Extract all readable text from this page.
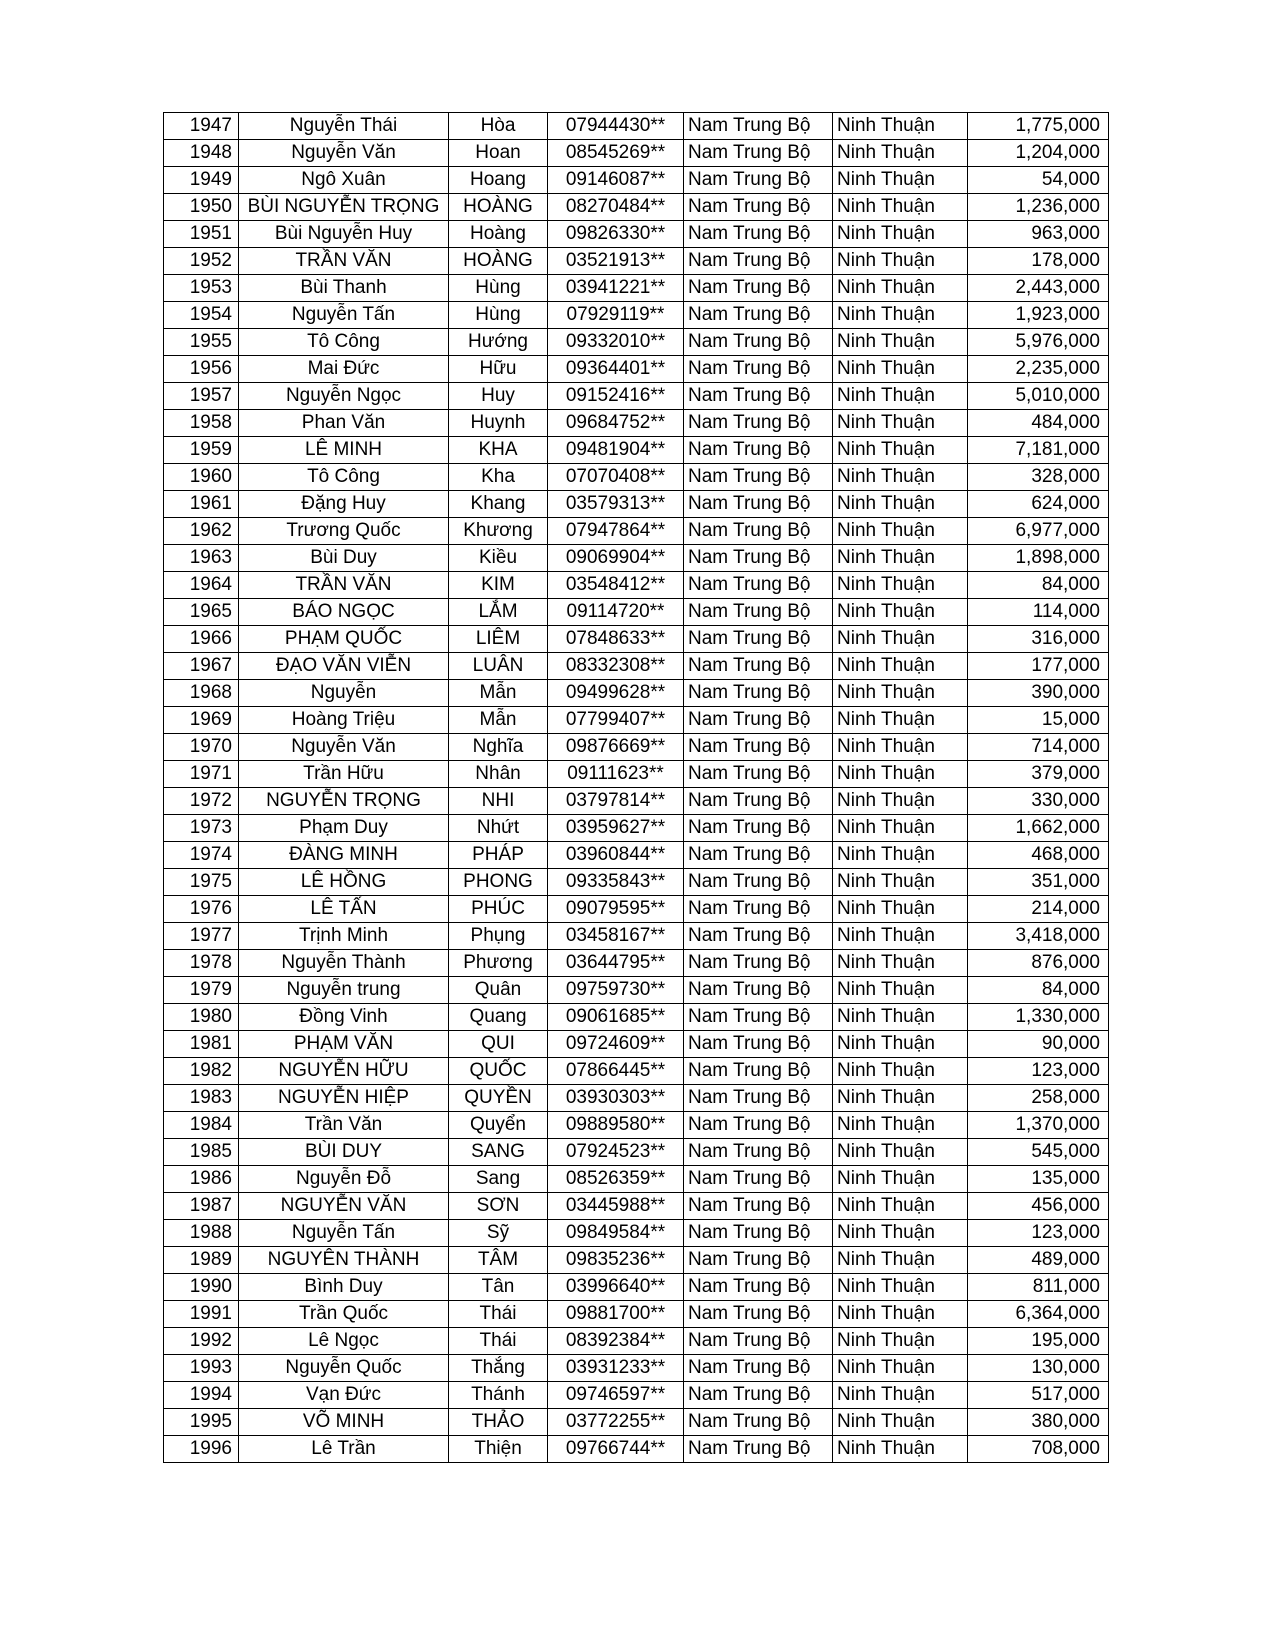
1947	Nguyễn Thái	Hòa	07944430**	Nam Trung Bộ	Ninh Thuận	1,775,000
1948	Nguyễn Văn	Hoan	08545269**	Nam Trung Bộ	Ninh Thuận	1,204,000
1949	Ngô Xuân	Hoang	09146087**	Nam Trung Bộ	Ninh Thuận	54,000
1950	BÙI NGUYỄN TRỌNG	HOÀNG	08270484**	Nam Trung Bộ	Ninh Thuận	1,236,000
1951	Bùi Nguyễn Huy	Hoàng	09826330**	Nam Trung Bộ	Ninh Thuận	963,000
1952	TRẦN VĂN	HOÀNG	03521913**	Nam Trung Bộ	Ninh Thuận	178,000
1953	Bùi Thanh	Hùng	03941221**	Nam Trung Bộ	Ninh Thuận	2,443,000
1954	Nguyễn Tấn	Hùng	07929119**	Nam Trung Bộ	Ninh Thuận	1,923,000
1955	Tô Công	Hướng	09332010**	Nam Trung Bộ	Ninh Thuận	5,976,000
1956	Mai Đức	Hữu	09364401**	Nam Trung Bộ	Ninh Thuận	2,235,000
1957	Nguyễn Ngọc	Huy	09152416**	Nam Trung Bộ	Ninh Thuận	5,010,000
1958	Phan Văn	Huynh	09684752**	Nam Trung Bộ	Ninh Thuận	484,000
1959	LÊ MINH	KHA	09481904**	Nam Trung Bộ	Ninh Thuận	7,181,000
1960	Tô Công	Kha	07070408**	Nam Trung Bộ	Ninh Thuận	328,000
1961	Đặng Huy	Khang	03579313**	Nam Trung Bộ	Ninh Thuận	624,000
1962	Trương Quốc	Khương	07947864**	Nam Trung Bộ	Ninh Thuận	6,977,000
1963	Bùi Duy	Kiều	09069904**	Nam Trung Bộ	Ninh Thuận	1,898,000
1964	TRẦN VĂN	KIM	03548412**	Nam Trung Bộ	Ninh Thuận	84,000
1965	BÁO NGỌC	LẮM	09114720**	Nam Trung Bộ	Ninh Thuận	114,000
1966	PHẠM QUỐC	LIÊM	07848633**	Nam Trung Bộ	Ninh Thuận	316,000
1967	ĐẠO VĂN VIỄN	LUÂN	08332308**	Nam Trung Bộ	Ninh Thuận	177,000
1968	Nguyễn	Mẫn	09499628**	Nam Trung Bộ	Ninh Thuận	390,000
1969	Hoàng Triệu	Mẫn	07799407**	Nam Trung Bộ	Ninh Thuận	15,000
1970	Nguyễn Văn	Nghĩa	09876669**	Nam Trung Bộ	Ninh Thuận	714,000
1971	Trần Hữu	Nhân	09111623**	Nam Trung Bộ	Ninh Thuận	379,000
1972	NGUYỄN TRỌNG	NHI	03797814**	Nam Trung Bộ	Ninh Thuận	330,000
1973	Phạm Duy	Nhứt	03959627**	Nam Trung Bộ	Ninh Thuận	1,662,000
1974	ĐÀNG MINH	PHÁP	03960844**	Nam Trung Bộ	Ninh Thuận	468,000
1975	LÊ HỒNG	PHONG	09335843**	Nam Trung Bộ	Ninh Thuận	351,000
1976	LÊ TẤN	PHÚC	09079595**	Nam Trung Bộ	Ninh Thuận	214,000
1977	Trịnh Minh	Phụng	03458167**	Nam Trung Bộ	Ninh Thuận	3,418,000
1978	Nguyễn Thành	Phương	03644795**	Nam Trung Bộ	Ninh Thuận	876,000
1979	Nguyễn trung	Quân	09759730**	Nam Trung Bộ	Ninh Thuận	84,000
1980	Đồng Vinh	Quang	09061685**	Nam Trung Bộ	Ninh Thuận	1,330,000
1981	PHẠM VĂN	QUI	09724609**	Nam Trung Bộ	Ninh Thuận	90,000
1982	NGUYỄN HỮU	QUỐC	07866445**	Nam Trung Bộ	Ninh Thuận	123,000
1983	NGUYỄN HIỆP	QUYỀN	03930303**	Nam Trung Bộ	Ninh Thuận	258,000
1984	Trần Văn	Quyển	09889580**	Nam Trung Bộ	Ninh Thuận	1,370,000
1985	BÙI DUY	SANG	07924523**	Nam Trung Bộ	Ninh Thuận	545,000
1986	Nguyễn Đỗ	Sang	08526359**	Nam Trung Bộ	Ninh Thuận	135,000
1987	NGUYỄN VĂN	SƠN	03445988**	Nam Trung Bộ	Ninh Thuận	456,000
1988	Nguyễn Tấn	Sỹ	09849584**	Nam Trung Bộ	Ninh Thuận	123,000
1989	NGUYÊN THÀNH	TÂM	09835236**	Nam Trung Bộ	Ninh Thuận	489,000
1990	Bình Duy	Tân	03996640**	Nam Trung Bộ	Ninh Thuận	811,000
1991	Trần Quốc	Thái	09881700**	Nam Trung Bộ	Ninh Thuận	6,364,000
1992	Lê Ngọc	Thái	08392384**	Nam Trung Bộ	Ninh Thuận	195,000
1993	Nguyễn Quốc	Thắng	03931233**	Nam Trung Bộ	Ninh Thuận	130,000
1994	Vạn Đức	Thánh	09746597**	Nam Trung Bộ	Ninh Thuận	517,000
1995	VÕ MINH	THẢO	03772255**	Nam Trung Bộ	Ninh Thuận	380,000
1996	Lê Trần	Thiện	09766744**	Nam Trung Bộ	Ninh Thuận	708,000
